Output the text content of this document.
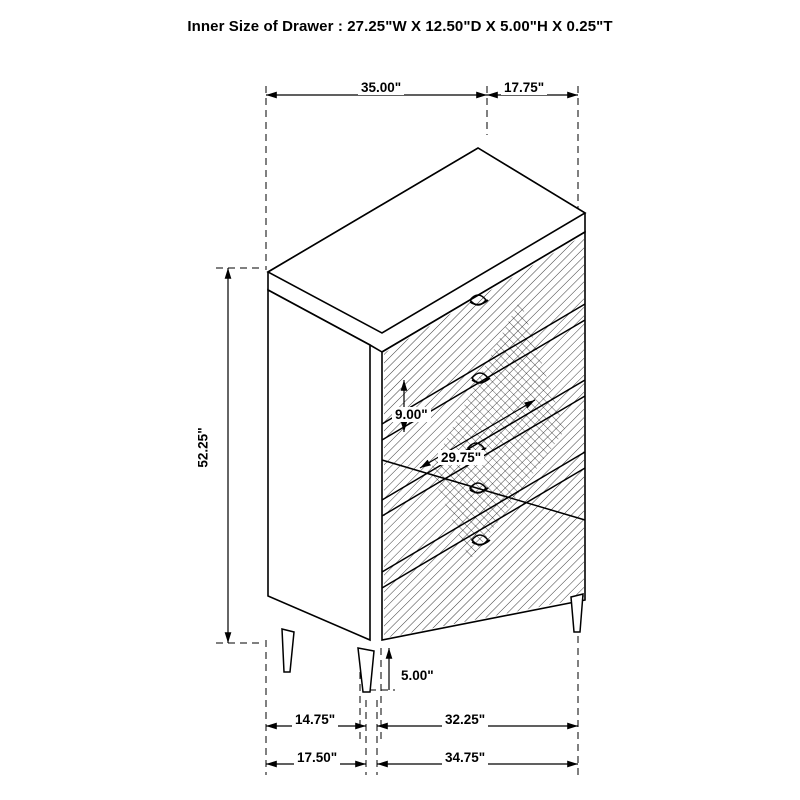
Inner Size of Drawer : 27.25"W X 12.50"D X 5.00"H X 0.25"T
35.00"	17.75"
52.25"
9.00"
29.75"
5.00"
14.75"	32.25"
17.50"	34.75"
